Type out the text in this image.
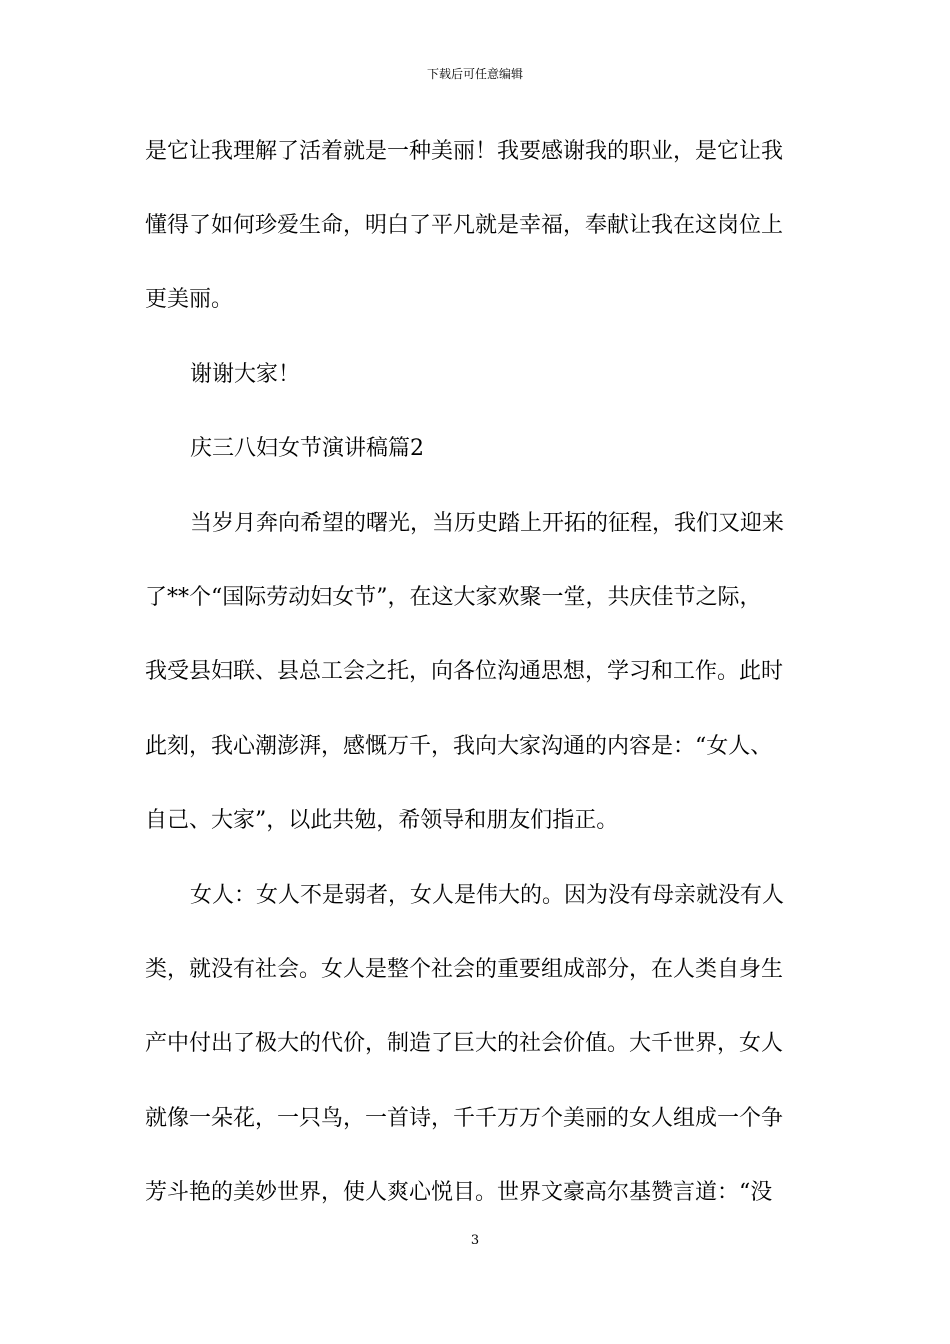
下载后可任意编辑
是它让我理解了活着就是一种美丽！我要感谢我的职业，是它让我
懂得了如何珍爱生命，明白了平凡就是幸福，奉献让我在这岗位上
更美丽。
谢谢大家！
庆三八妇女节演讲稿篇2
当岁月奔向希望的曙光，当历史踏上开拓的征程，我们又迎来
了**个“国际劳动妇女节”，在这大家欢聚一堂，共庆佳节之际，
我受县妇联、县总工会之托，向各位沟通思想，学习和工作。此时
此刻，我心潮澎湃，感慨万千，我向大家沟通的内容是：“女人、
自己、大家”，以此共勉，希领导和朋友们指正。
女人：女人不是弱者，女人是伟大的。因为没有母亲就没有人
类，就没有社会。女人是整个社会的重要组成部分，在人类自身生
产中付出了极大的代价，制造了巨大的社会价值。大千世界，女人
就像一朵花，一只鸟，一首诗，千千万万个美丽的女人组成一个争
芳斗艳的美妙世界，使人爽心悦目。世界文豪高尔基赞言道：“没
3
